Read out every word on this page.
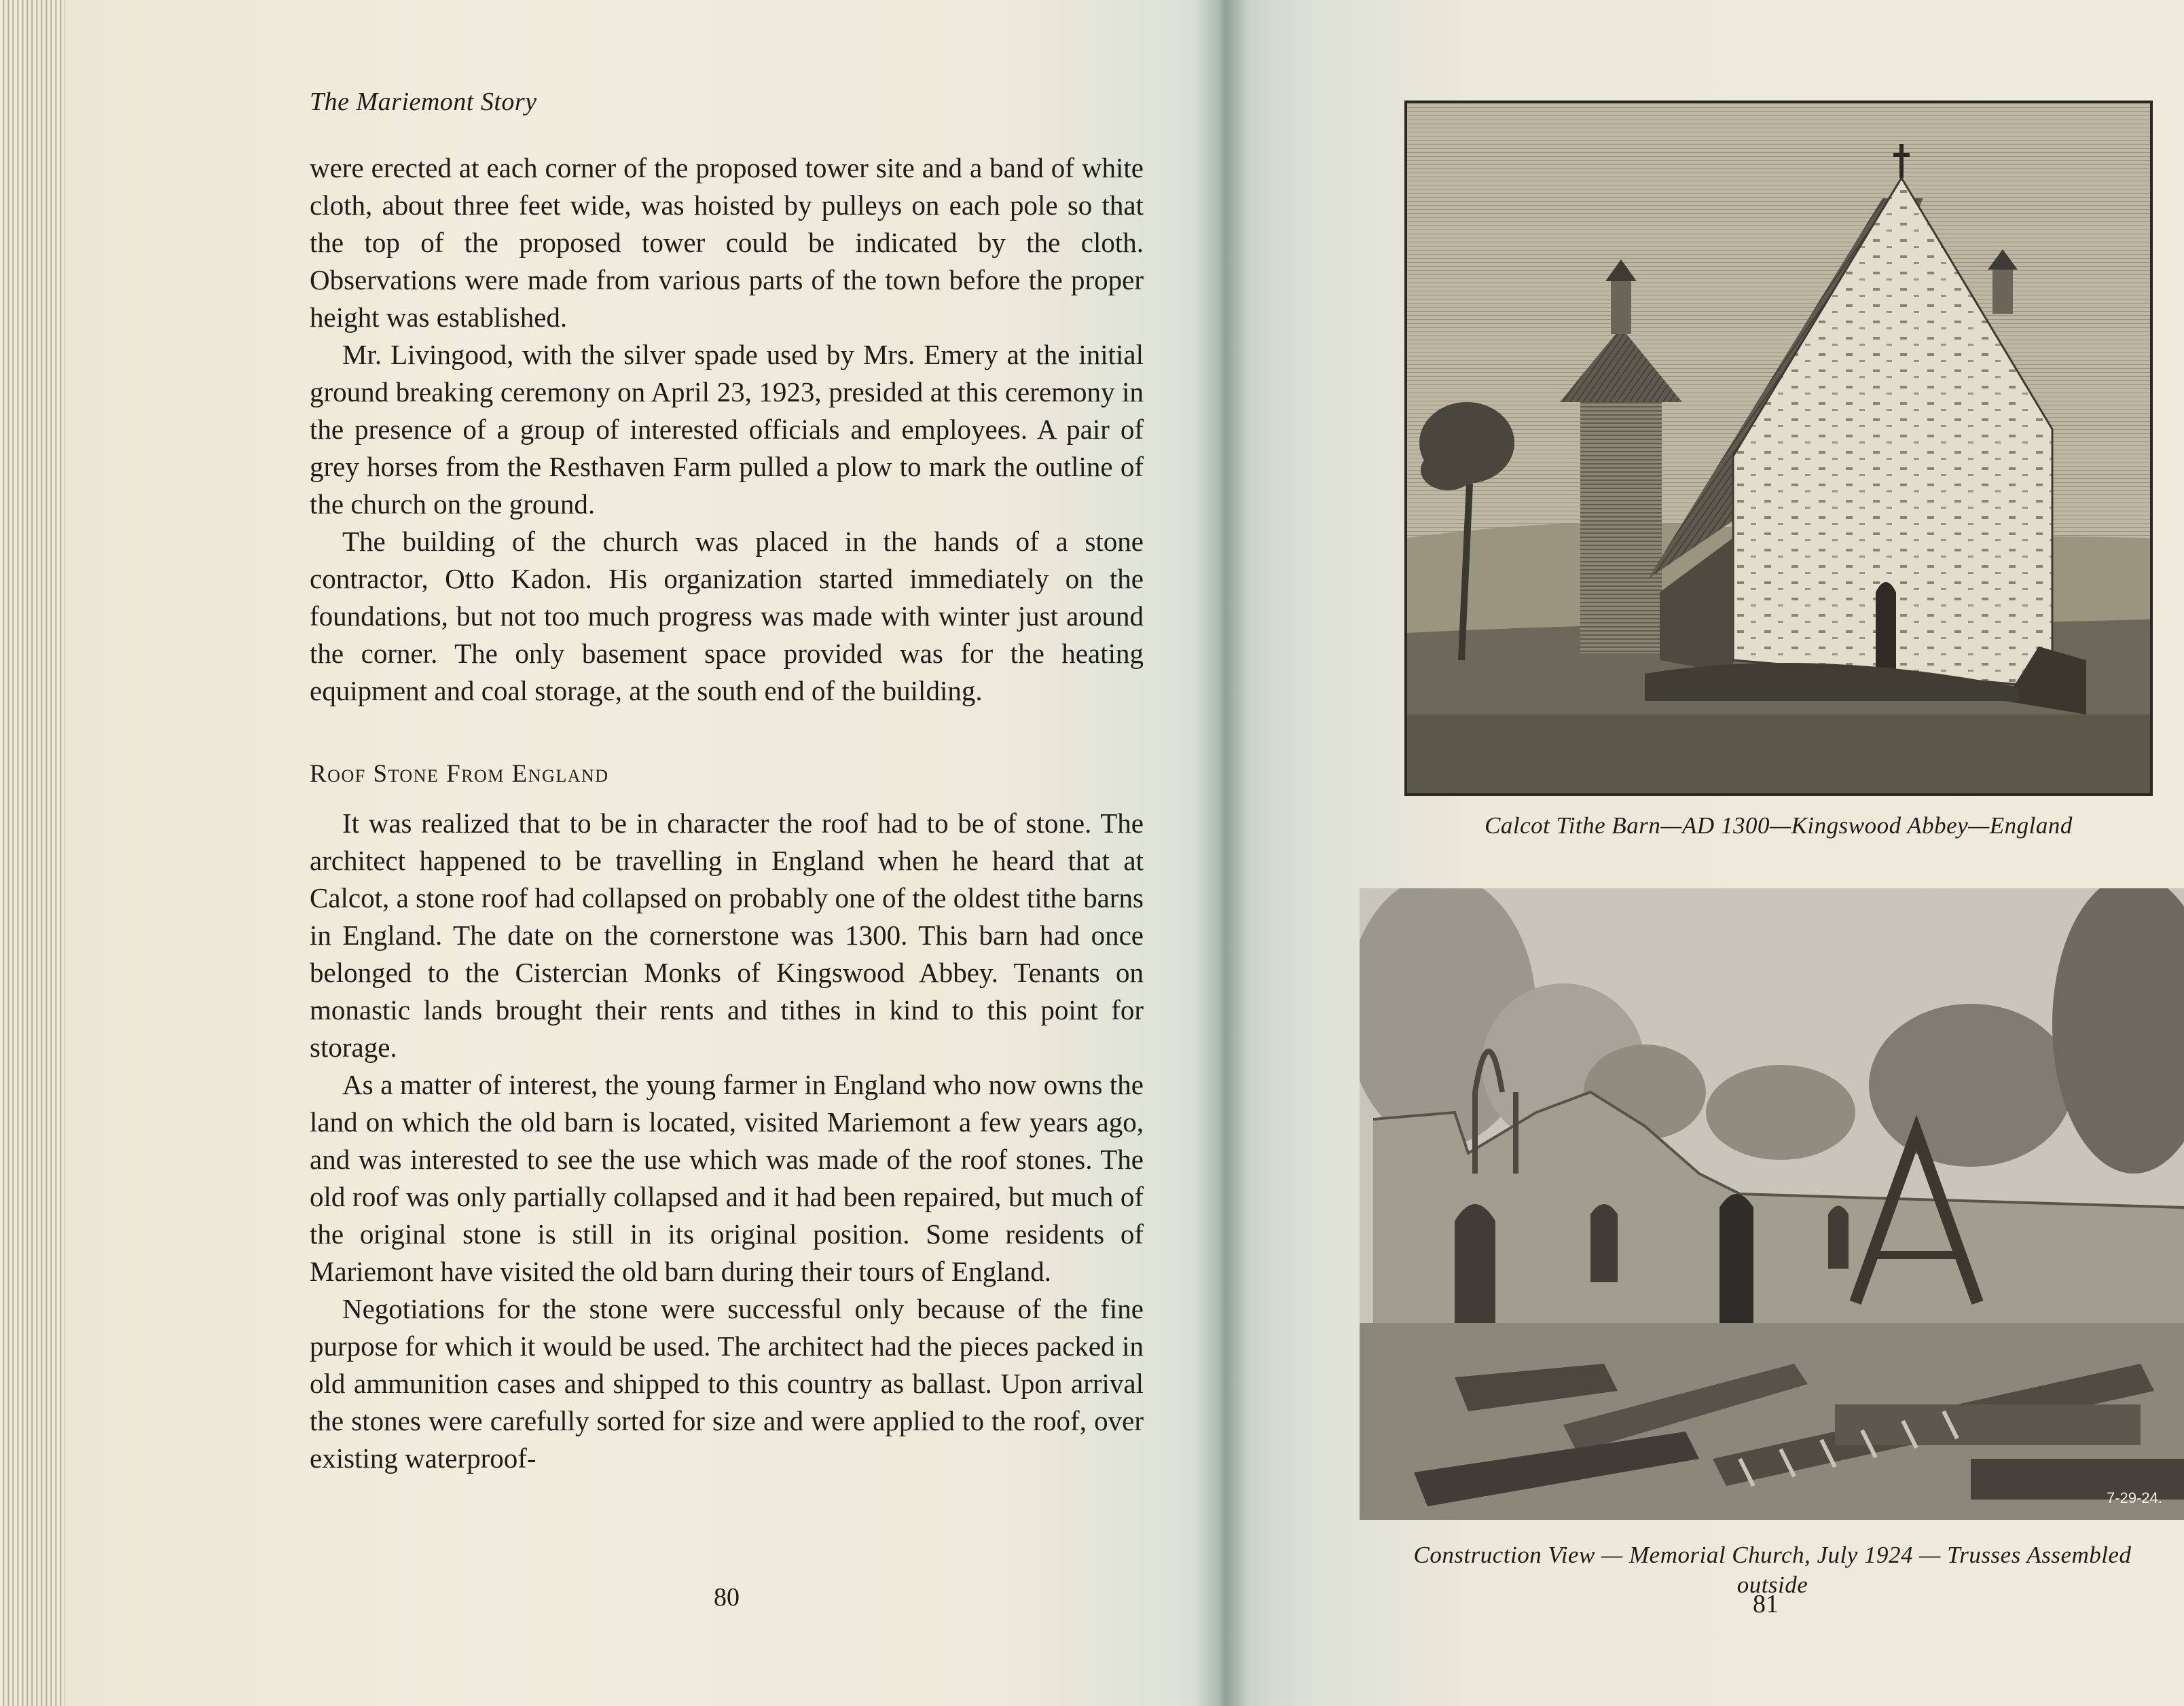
The Mariemont Story

were erected at each corner of the proposed tower site and a band of white cloth, about three feet wide, was hoisted by pulleys on each pole so that the top of the proposed tower could be indicated by the cloth. Observations were made from various parts of the town before the proper height was established.

Mr. Livingood, with the silver spade used by Mrs. Emery at the initial ground breaking ceremony on April 23, 1923, presided at this ceremony in the presence of a group of interested officials and employees. A pair of grey horses from the Resthaven Farm pulled a plow to mark the outline of the church on the ground.

The building of the church was placed in the hands of a stone contractor, Otto Kadon. His organization started immediately on the foundations, but not too much progress was made with winter just around the corner. The only basement space provided was for the heating equipment and coal storage, at the south end of the building.

Roof Stone From England

It was realized that to be in character the roof had to be of stone. The architect happened to be travelling in England when he heard that at Calcot, a stone roof had collapsed on probably one of the oldest tithe barns in England. The date on the cornerstone was 1300. This barn had once belonged to the Cistercian Monks of Kingswood Abbey. Tenants on monastic lands brought their rents and tithes in kind to this point for storage.

As a matter of interest, the young farmer in England who now owns the land on which the old barn is located, visited Mariemont a few years ago, and was interested to see the use which was made of the roof stones. The old roof was only partially collapsed and it had been repaired, but much of the original stone is still in its original position. Some residents of Mariemont have visited the old barn during their tours of England.

Negotiations for the stone were successful only because of the fine purpose for which it would be used. The architect had the pieces packed in old ammunition cases and shipped to this country as ballast. Upon arrival the stones were carefully sorted for size and were applied to the roof, over existing waterproof-

80
Calcot Tithe Barn—AD 1300—Kingswood Abbey—England
7-29-24.
Construction View — Memorial Church, July 1924 — Trusses Assembled
outside
81
